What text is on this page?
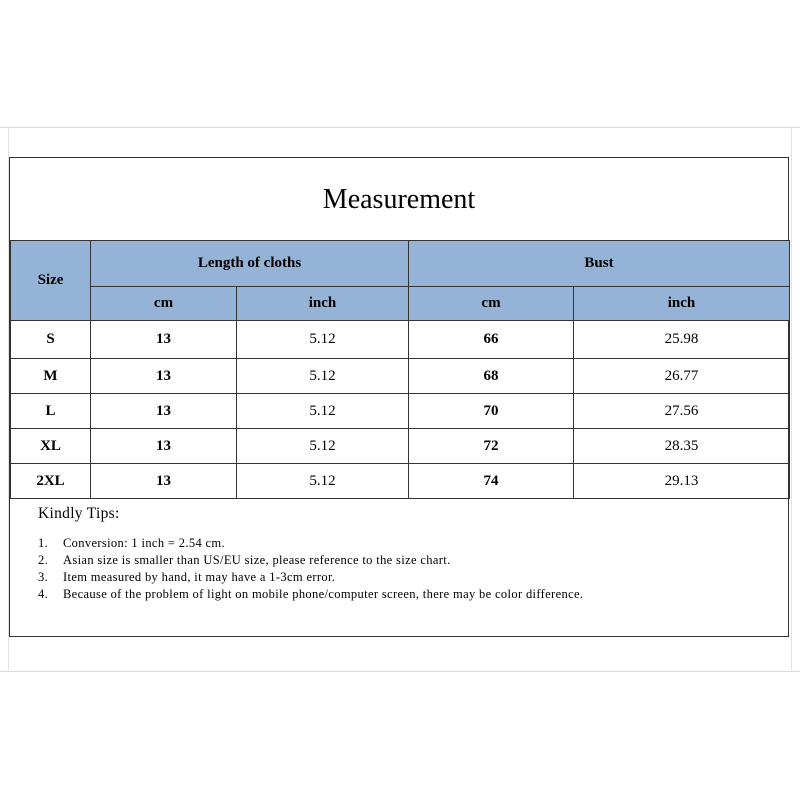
Measurement
Size	Length of cloths		Bust	
	cm	inch	cm	inch
S	13	5.12	66	25.98
M	13	5.12	68	26.77
L	13	5.12	70	27.56
XL	13	5.12	72	28.35
2XL	13	5.12	74	29.13
Kindly Tips:
1.	Conversion: 1 inch = 2.54 cm.
2.	Asian size is smaller than US/EU size, please reference to the size chart.
3.	Item measured by hand, it may have a 1-3cm error.
4.	Because of the problem of light on mobile phone/computer screen, there may be color difference.
